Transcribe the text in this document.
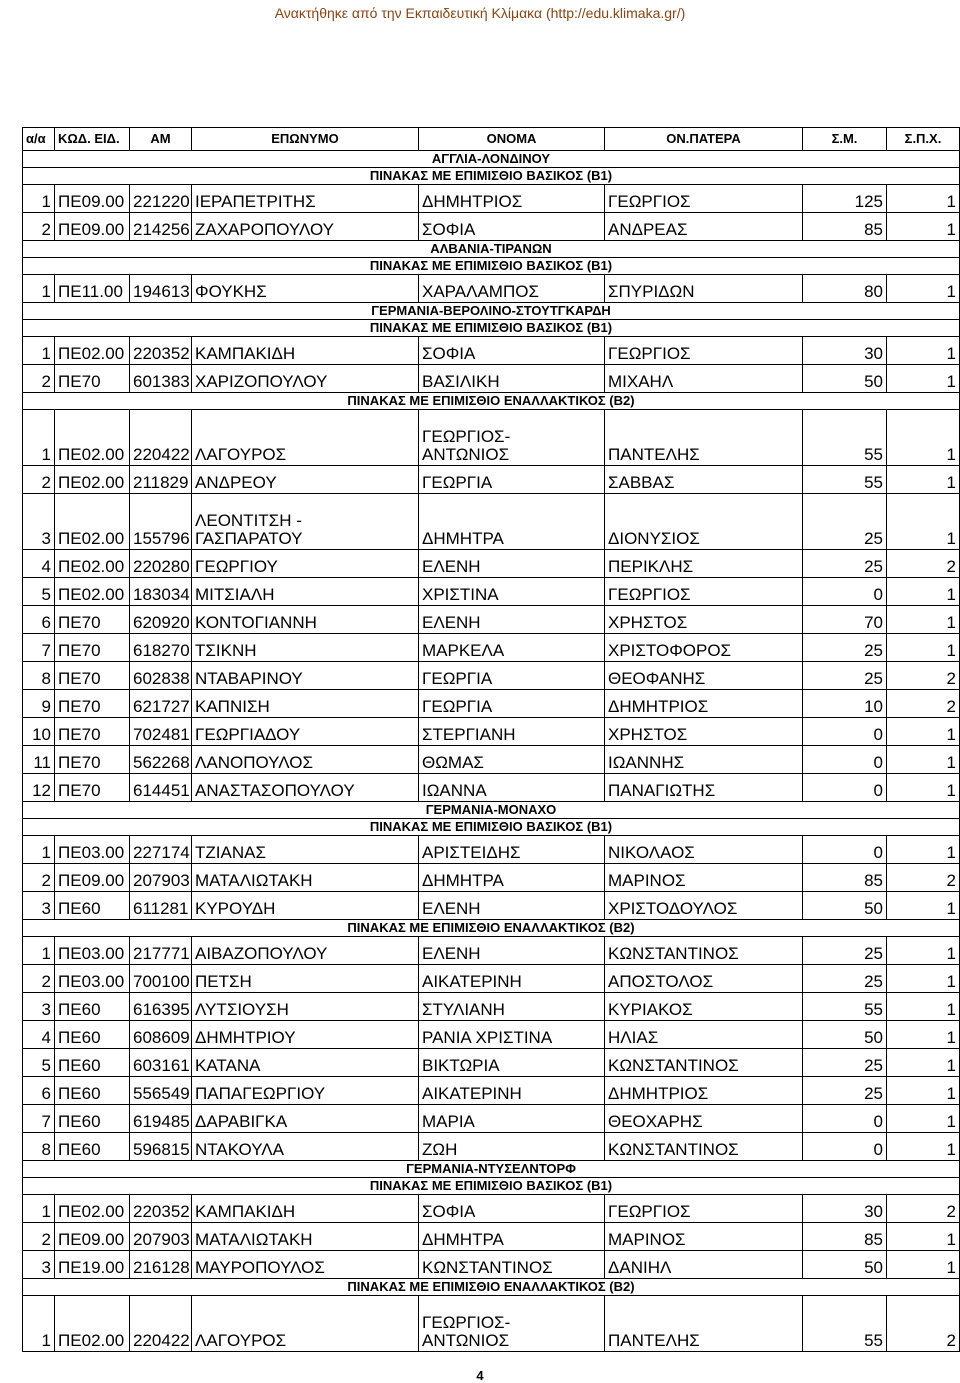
Ανακτήθηκε από την Εκπαιδευτική Κλίμακα (http://edu.klimaka.gr/)
α/α	ΚΩΔ. ΕΙΔ.	ΑΜ	ΕΠΩΝΥΜΟ	ΟΝΟΜΑ	ΟΝ.ΠΑΤΕΡΑ	Σ.Μ.	Σ.Π.Χ.
ΑΓΓΛΙΑ-ΛΟΝΔΙΝΟΥ							
ΠΙΝΑΚΑΣ ΜΕ ΕΠΙΜΙΣΘΙΟ ΒΑΣΙΚΟΣ (Β1)							
1	ΠΕ09.00	221220	ΙΕΡΑΠΕΤΡΙΤΗΣ	ΔΗΜΗΤΡΙΟΣ	ΓΕΩΡΓΙΟΣ	125	1
2	ΠΕ09.00	214256	ΖΑΧΑΡΟΠΟΥΛΟΥ	ΣΟΦΙΑ	ΑΝΔΡΕΑΣ	85	1
ΑΛΒΑΝΙΑ-ΤΙΡΑΝΩΝ							
ΠΙΝΑΚΑΣ ΜΕ ΕΠΙΜΙΣΘΙΟ ΒΑΣΙΚΟΣ (Β1)							
1	ΠΕ11.00	194613	ΦΟΥΚΗΣ	ΧΑΡΑΛΑΜΠΟΣ	ΣΠΥΡΙΔΩΝ	80	1
ΓΕΡΜΑΝΙΑ-ΒΕΡΟΛΙΝΟ-ΣΤΟΥΤΓΚΑΡΔΗ							
ΠΙΝΑΚΑΣ ΜΕ ΕΠΙΜΙΣΘΙΟ ΒΑΣΙΚΟΣ (Β1)							
1	ΠΕ02.00	220352	ΚΑΜΠΑΚΙΔΗ	ΣΟΦΙΑ	ΓΕΩΡΓΙΟΣ	30	1
2	ΠΕ70	601383	ΧΑΡΙΖΟΠΟΥΛΟΥ	ΒΑΣΙΛΙΚΗ	ΜΙΧΑΗΛ	50	1
ΠΙΝΑΚΑΣ ΜΕ ΕΠΙΜΙΣΘΙΟ ΕΝΑΛΛΑΚΤΙΚΟΣ (Β2)							
1	ΠΕ02.00	220422	ΛΑΓΟΥΡΟΣ	ΓΕΩΡΓΙΟΣ-
ΑΝΤΩΝΙΟΣ	ΠΑΝΤΕΛΗΣ	55	1
2	ΠΕ02.00	211829	ΑΝΔΡΕΟΥ	ΓΕΩΡΓΙΑ	ΣΑΒΒΑΣ	55	1
3	ΠΕ02.00	155796	ΛΕΟΝΤΙΤΣΗ -
ΓΑΣΠΑΡΑΤΟΥ	ΔΗΜΗΤΡΑ	ΔΙΟΝΥΣΙΟΣ	25	1
4	ΠΕ02.00	220280	ΓΕΩΡΓΙΟΥ	ΕΛΕΝΗ	ΠΕΡΙΚΛΗΣ	25	2
5	ΠΕ02.00	183034	ΜΙΤΣΙΑΛΗ	ΧΡΙΣΤΙΝΑ	ΓΕΩΡΓΙΟΣ	0	1
6	ΠΕ70	620920	ΚΟΝΤΟΓΙΑΝΝΗ	ΕΛΕΝΗ	ΧΡΗΣΤΟΣ	70	1
7	ΠΕ70	618270	ΤΣΙΚΝΗ	ΜΑΡΚΕΛΑ	ΧΡΙΣΤΟΦΟΡΟΣ	25	1
8	ΠΕ70	602838	ΝΤΑΒΑΡΙΝΟΥ	ΓΕΩΡΓΙΑ	ΘΕΟΦΑΝΗΣ	25	2
9	ΠΕ70	621727	ΚΑΠΝΙΣΗ	ΓΕΩΡΓΙΑ	ΔΗΜΗΤΡΙΟΣ	10	2
10	ΠΕ70	702481	ΓΕΩΡΓΙΑΔΟΥ	ΣΤΕΡΓΙΑΝΗ	ΧΡΗΣΤΟΣ	0	1
11	ΠΕ70	562268	ΛΑΝΟΠΟΥΛΟΣ	ΘΩΜΑΣ	ΙΩΑΝΝΗΣ	0	1
12	ΠΕ70	614451	ΑΝΑΣΤΑΣΟΠΟΥΛΟΥ	ΙΩΑΝΝΑ	ΠΑΝΑΓΙΩΤΗΣ	0	1
ΓΕΡΜΑΝΙΑ-ΜΟΝΑΧΟ							
ΠΙΝΑΚΑΣ ΜΕ ΕΠΙΜΙΣΘΙΟ ΒΑΣΙΚΟΣ (Β1)							
1	ΠΕ03.00	227174	ΤΖΙΑΝΑΣ	ΑΡΙΣΤΕΙΔΗΣ	ΝΙΚΟΛΑΟΣ	0	1
2	ΠΕ09.00	207903	ΜΑΤΑΛΙΩΤΑΚΗ	ΔΗΜΗΤΡΑ	ΜΑΡΙΝΟΣ	85	2
3	ΠΕ60	611281	ΚΥΡΟΥΔΗ	ΕΛΕΝΗ	ΧΡΙΣΤΟΔΟΥΛΟΣ	50	1
ΠΙΝΑΚΑΣ ΜΕ ΕΠΙΜΙΣΘΙΟ ΕΝΑΛΛΑΚΤΙΚΟΣ (Β2)							
1	ΠΕ03.00	217771	ΑΙΒΑΖΟΠΟΥΛΟΥ	ΕΛΕΝΗ	ΚΩΝΣΤΑΝΤΙΝΟΣ	25	1
2	ΠΕ03.00	700100	ΠΕΤΣΗ	ΑΙΚΑΤΕΡΙΝΗ	ΑΠΟΣΤΟΛΟΣ	25	1
3	ΠΕ60	616395	ΛΥΤΣΙΟΥΣΗ	ΣΤΥΛΙΑΝΗ	ΚΥΡΙΑΚΟΣ	55	1
4	ΠΕ60	608609	ΔΗΜΗΤΡΙΟΥ	ΡΑΝΙΑ ΧΡΙΣΤΙΝΑ	ΗΛΙΑΣ	50	1
5	ΠΕ60	603161	ΚΑΤΑΝΑ	ΒΙΚΤΩΡΙΑ	ΚΩΝΣΤΑΝΤΙΝΟΣ	25	1
6	ΠΕ60	556549	ΠΑΠΑΓΕΩΡΓΙΟΥ	ΑΙΚΑΤΕΡΙΝΗ	ΔΗΜΗΤΡΙΟΣ	25	1
7	ΠΕ60	619485	ΔΑΡΑΒΙΓΚΑ	ΜΑΡΙΑ	ΘΕΟΧΑΡΗΣ	0	1
8	ΠΕ60	596815	ΝΤΑΚΟΥΛΑ	ΖΩΗ	ΚΩΝΣΤΑΝΤΙΝΟΣ	0	1
ΓΕΡΜΑΝΙΑ-ΝΤΥΣΕΛΝΤΟΡΦ							
ΠΙΝΑΚΑΣ ΜΕ ΕΠΙΜΙΣΘΙΟ ΒΑΣΙΚΟΣ (Β1)							
1	ΠΕ02.00	220352	ΚΑΜΠΑΚΙΔΗ	ΣΟΦΙΑ	ΓΕΩΡΓΙΟΣ	30	2
2	ΠΕ09.00	207903	ΜΑΤΑΛΙΩΤΑΚΗ	ΔΗΜΗΤΡΑ	ΜΑΡΙΝΟΣ	85	1
3	ΠΕ19.00	216128	ΜΑΥΡΟΠΟΥΛΟΣ	ΚΩΝΣΤΑΝΤΙΝΟΣ	ΔΑΝΙΗΛ	50	1
ΠΙΝΑΚΑΣ ΜΕ ΕΠΙΜΙΣΘΙΟ ΕΝΑΛΛΑΚΤΙΚΟΣ (Β2)							
1	ΠΕ02.00	220422	ΛΑΓΟΥΡΟΣ	ΓΕΩΡΓΙΟΣ-
ΑΝΤΩΝΙΟΣ	ΠΑΝΤΕΛΗΣ	55	2
4
